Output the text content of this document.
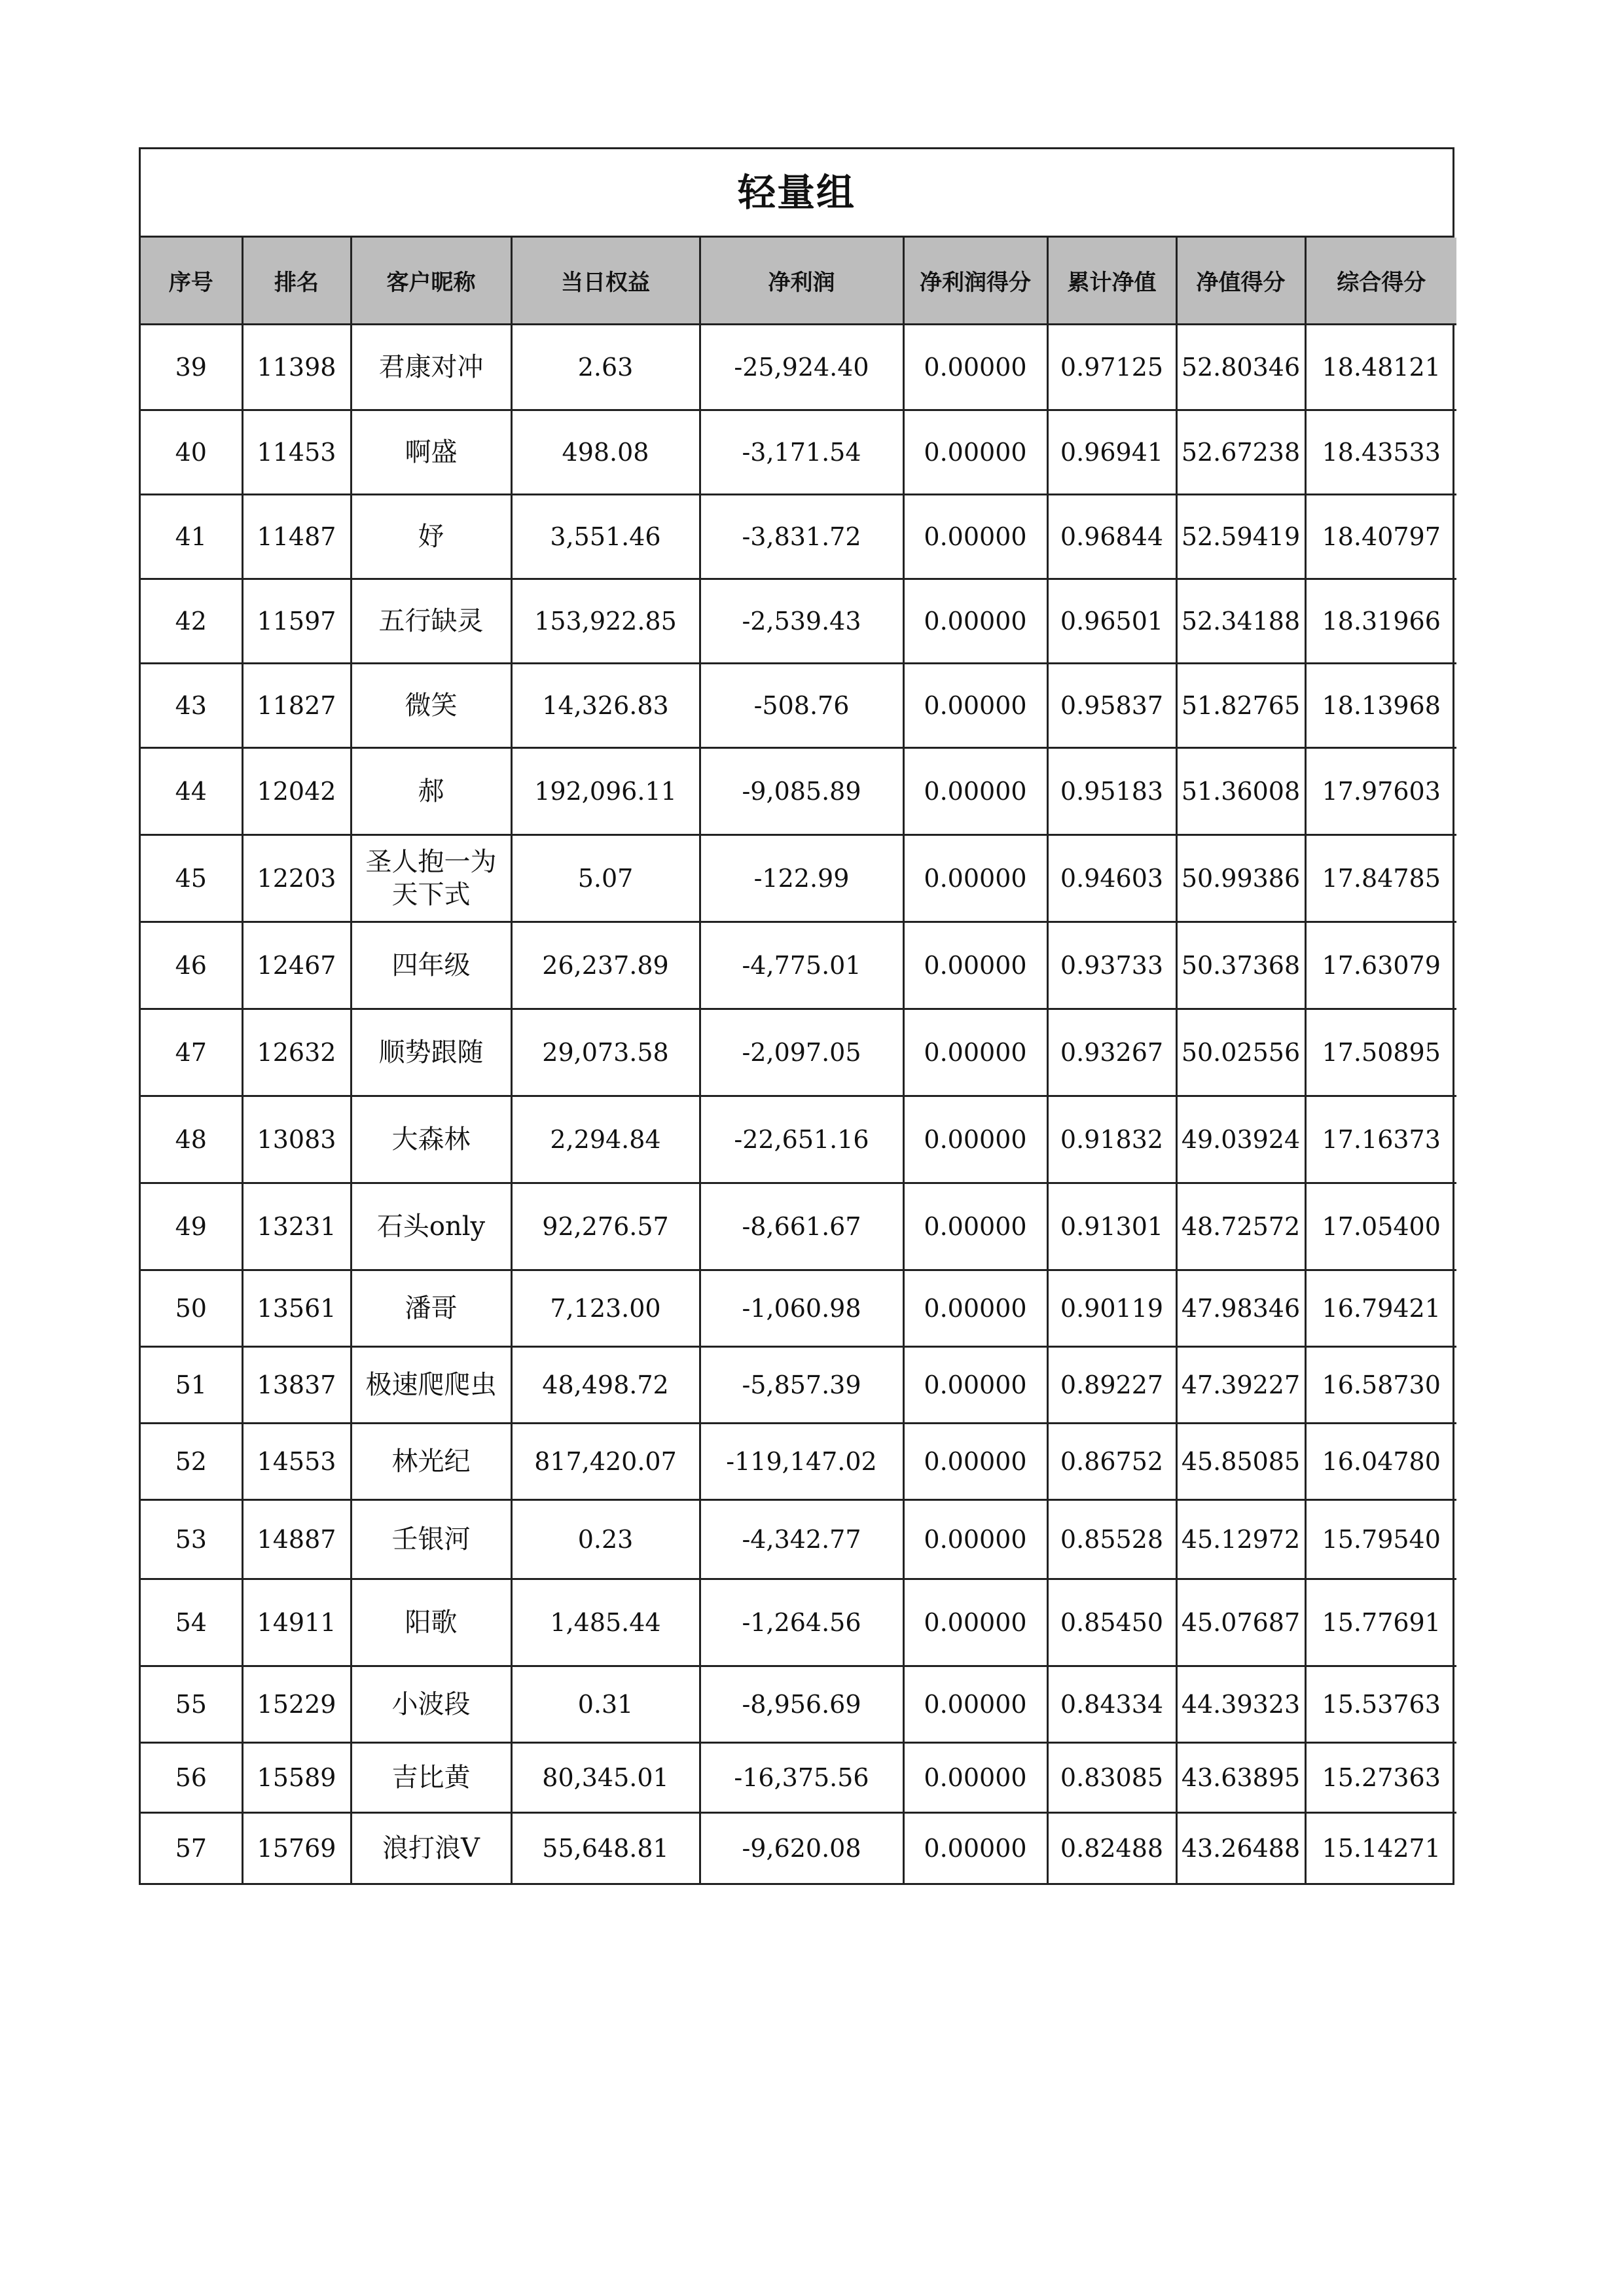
轻量组
序号	排名	客户昵称	当日权益	净利润	净利润得分	累计净值	净值得分	综合得分
39	11398	君康对冲	2.63	-25,924.40	0.00000	0.97125	52.80346	18.48121
40	11453	啊盛	498.08	-3,171.54	0.00000	0.96941	52.67238	18.43533
41	11487	妤	3,551.46	-3,831.72	0.00000	0.96844	52.59419	18.40797
42	11597	五行缺灵	153,922.85	-2,539.43	0.00000	0.96501	52.34188	18.31966
43	11827	微笑	14,326.83	-508.76	0.00000	0.95837	51.82765	18.13968
44	12042	郝	192,096.11	-9,085.89	0.00000	0.95183	51.36008	17.97603
45	12203	圣人抱一为天下式	5.07	-122.99	0.00000	0.94603	50.99386	17.84785
46	12467	四年级	26,237.89	-4,775.01	0.00000	0.93733	50.37368	17.63079
47	12632	顺势跟随	29,073.58	-2,097.05	0.00000	0.93267	50.02556	17.50895
48	13083	大森林	2,294.84	-22,651.16	0.00000	0.91832	49.03924	17.16373
49	13231	石头only	92,276.57	-8,661.67	0.00000	0.91301	48.72572	17.05400
50	13561	潘哥	7,123.00	-1,060.98	0.00000	0.90119	47.98346	16.79421
51	13837	极速爬爬虫	48,498.72	-5,857.39	0.00000	0.89227	47.39227	16.58730
52	14553	林光纪	817,420.07	-119,147.02	0.00000	0.86752	45.85085	16.04780
53	14887	壬银河	0.23	-4,342.77	0.00000	0.85528	45.12972	15.79540
54	14911	阳歌	1,485.44	-1,264.56	0.00000	0.85450	45.07687	15.77691
55	15229	小波段	0.31	-8,956.69	0.00000	0.84334	44.39323	15.53763
56	15589	吉比黄	80,345.01	-16,375.56	0.00000	0.83085	43.63895	15.27363
57	15769	浪打浪V	55,648.81	-9,620.08	0.00000	0.82488	43.26488	15.14271
